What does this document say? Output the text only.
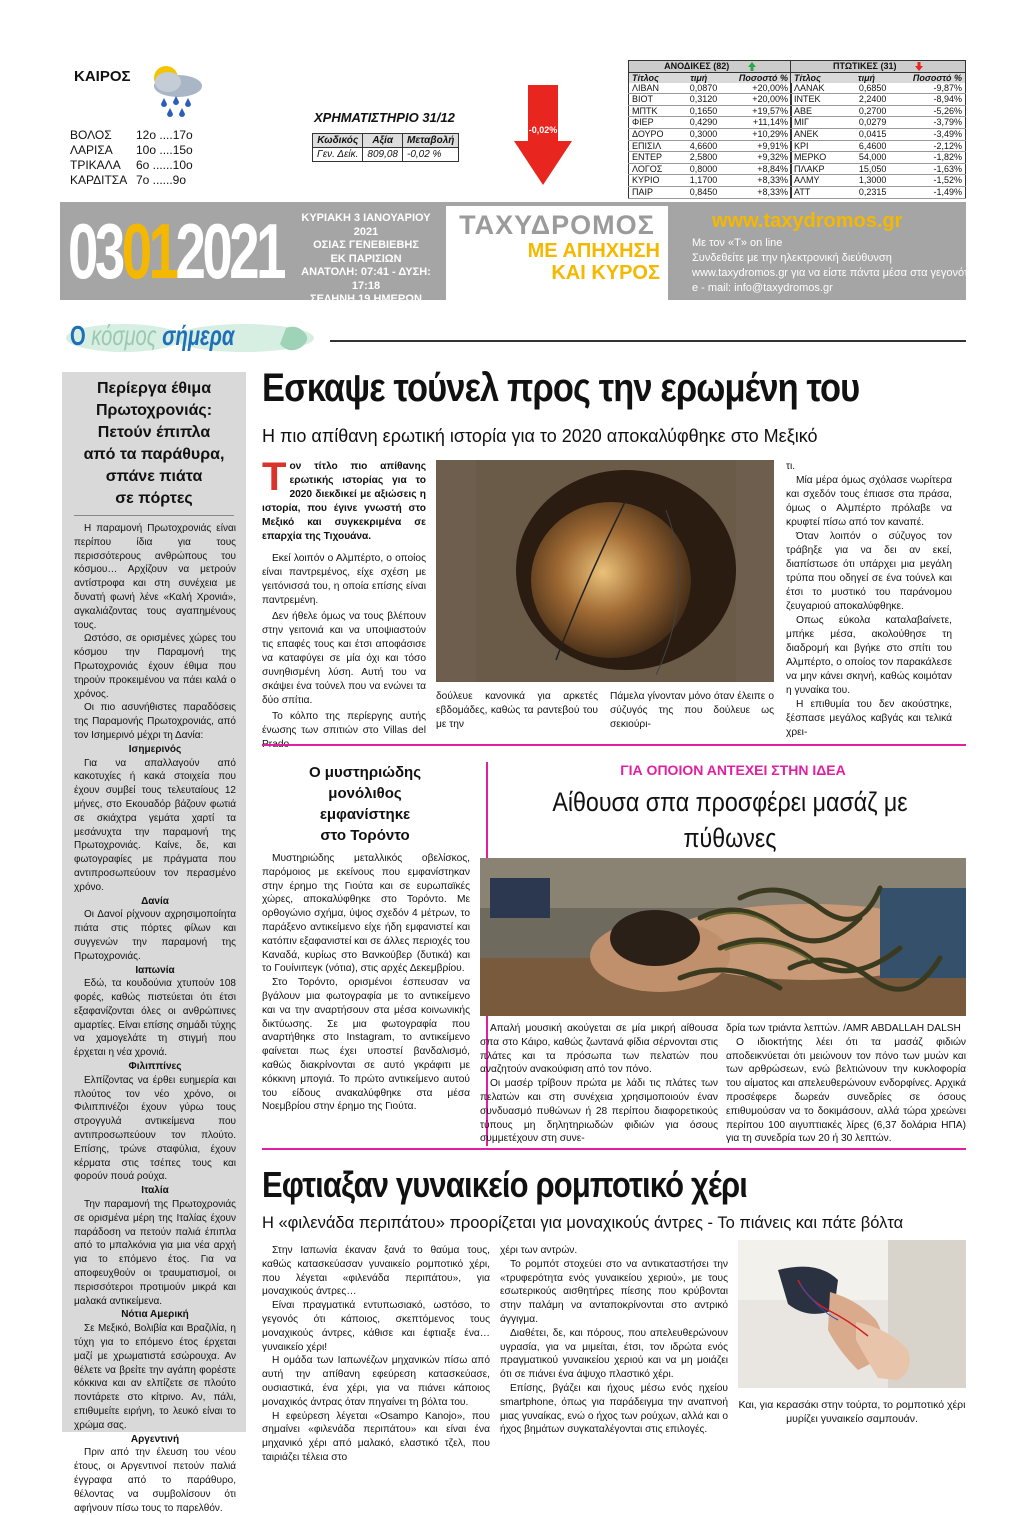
ΚΑΙΡΟΣ
ΒΟΛΟΣ	12ο ....17ο
ΛΑΡΙΣΑ	10ο ....15ο
ΤΡΙΚΑΛΑ	6ο ......10ο
ΚΑΡΔΙΤΣΑ 7ο ......9ο
ΧΡΗΜΑΤΙΣΤΗΡΙΟ 31/12
Κωδικός	Αξία	Μεταβολή
Γεν. Δείκ.	809,08	-0,02 %
-0,02%
ΑΝΟΔΙΚΕΣ (82)		
Τίτλος	τιμή	Ποσοστό %
ΛΙΒΑΝ	0,0870	+20,00%
ΒΙΟΤ	0,3120	+20,00%
ΜΠΤΚ	0,1650	+19,57%
ΦΙΕΡ	0,4290	+11,14%
ΔΟΥΡΟ	0,3000	+10,29%
ΕΠΙΣΙΛ	4,6600	+9,91%
ΕΝΤΕΡ	2,5800	+9,32%
ΛΟΓΟΣ	0,8000	+8,84%
ΚΥΡΙΟ	1,1700	+8,33%
ΠΑΙΡ	0,8450	+8,33%
ΠΤΩΤΙΚΕΣ (31)		
Τίτλος	τιμή	Ποσοστό %
ΛΑΝΑΚ	0,6850	-9,87%
ΙΝΤΕΚ	2,2400	-8,94%
ΑΒΕ	0,2700	-5,26%
ΜΙΓ	0,0279	-3,79%
ΑΝΕΚ	0,0415	-3,49%
ΚΡΙ	6,4600	-2,12%
ΜΕΡΚΟ	54,000	-1,82%
ΠΛΑΚΡ	15,050	-1,63%
ΑΛΜΥ	1,3000	-1,52%
ΑΤΤ	0,2315	-1,49%
03012021	ΚΥΡΙΑΚΗ 3 ΙΑΝΟΥΑΡΙΟΥ 2021
ΟΣΙΑΣ ΓΕΝΕΒΙΕΒΗΣ
ΕΚ ΠΑΡΙΣΙΩΝ
ΑΝΑΤΟΛΗ: 07:41 - ΔΥΣΗ: 17:18
ΣΕΛΗΝΗ 19 ΗΜΕΡΩΝ
ΤΑΧΥΔΡΟΜΟΣ
ΜΕ ΑΠΗΧΗΣΗ
ΚΑΙ ΚΥΡΟΣ
www.taxydromos.gr
Με τον «Τ» on line
Συνδεθείτε με την ηλεκτρονική διεύθυνση
www.taxydromos.gr για να είστε πάντα μέσα στα γεγονότα
e - mail: info@taxydromos.gr
Ο κόσμος σήμερα
Περίεργα έθιμα
Πρωτοχρονιάς:
Πετούν έπιπλα
από τα παράθυρα,
σπάνε πιάτα
σε πόρτες

Η παραμονή Πρωτοχρονιάς είναι περίπου ίδια για τους περισσότερους ανθρώπους του κόσμου… Αρχίζουν να μετρούν αντίστροφα και στη συνέχεια με δυνατή φωνή λένε «Καλή Χρονιά», αγκαλιάζοντας τους αγαπημένους τους.

Ωστόσο, σε ορισμένες χώρες του κόσμου την Παραμονή της Πρωτοχρονιάς έχουν έθιμα που τηρούν προκειμένου να πάει καλά ο χρόνος.

Οι πιο ασυνήθιστες παραδόσεις της Παραμονής Πρωτοχρονιάς, από τον Ισημερινό μέχρι τη Δανία:

Ισημερινός

Για να απαλλαγούν από κακοτυχίες ή κακά στοιχεία που έχουν συμβεί τους τελευταίους 12 μήνες, στο Εκουαδόρ βάζουν φωτιά σε σκιάχτρα γεμάτα χαρτί τα μεσάνυχτα την παραμονή της Πρωτοχρονιάς. Καίνε, δε, και φωτογραφίες με πράγματα που αντιπροσωπεύουν τον περασμένο χρόνο.

Δανία

Οι Δανοί ρίχνουν αχρησιμοποίητα πιάτα στις πόρτες φίλων και συγγενών την παραμονή της Πρωτοχρονιάς.

Ιαπωνία

Εδώ, τα κουδούνια χτυπούν 108 φορές, καθώς πιστεύεται ότι έτσι εξαφανίζονται όλες οι ανθρώπινες αμαρτίες. Είναι επίσης σημάδι τύχης να χαμογελάτε τη στιγμή που έρχεται η νέα χρονιά.

Φιλιππίνες

Ελπίζοντας να έρθει ευημερία και πλούτος τον νέο χρόνο, οι Φιλιππινέζοι έχουν γύρω τους στρογγυλά αντικείμενα που αντιπροσωπεύουν τον πλούτο. Επίσης, τρώνε σταφύλια, έχουν κέρματα στις τσέπες τους και φορούν πουά ρούχα.

Ιταλία

Την παραμονή της Πρωτοχρονιάς σε ορισμένα μέρη της Ιταλίας έχουν παράδοση να πετούν παλιά έπιπλα από το μπαλκόνια για μια νέα αρχή για το επόμενο έτος. Για να αποφευχθούν οι τραυματισμοί, οι περισσότεροι προτιμούν μικρά και μαλακά αντικείμενα.

Νότια Αμερική

Σε Μεξικό, Βολιβία και Βραζιλία, η τύχη για το επόμενο έτος έρχεται μαζί με χρωματιστά εσώρουχα. Αν θέλετε να βρείτε την αγάπη φορέστε κόκκινα και αν ελπίζετε σε πλούτο ποντάρετε στο κίτρινο. Αν, πάλι, επιθυμείτε ειρήνη, το λευκό είναι το χρώμα σας.

Αργεντινή

Πριν από την έλευση του νέου έτους, οι Αργεντινοί πετούν παλιά έγγραφα από το παράθυρο, θέλοντας να συμβολίσουν ότι αφήνουν πίσω τους το παρελθόν.

Εσκαψε τούνελ προς την ερωμένη του
Η πιο απίθανη ερωτική ιστορία για το 2020 αποκαλύφθηκε στο Μεξικό

Τον τίτλο πιο απίθανης ερωτικής ιστορίας για το 2020 διεκδικεί με αξιώσεις η ιστορία, που έγινε γνωστή στο Μεξικό και συγκεκριμένα σε επαρχία της Τιχουάνα.

Εκεί λοιπόν ο Αλμπέρτο, ο οποίος είναι παντρεμένος, είχε σχέση με γειτόνισσά του, η οποία επίσης είναι παντρεμένη.

Δεν ήθελε όμως να τους βλέπουν στην γειτονιά και να υποψιαστούν τις επαφές τους και έτσι αποφάσισε να καταφύγει σε μία όχι και τόσο συνηθισμένη λύση. Αυτή του να σκάψει ένα τούνελ που να ενώνει τα δύο σπίτια.

Το κόλπο της περίεργης αυτής ένωσης των σπιτιών στο Villas del

δούλευε κανονικά για αρκετές εβδομάδες, καθώς τα ραντεβού του με την
Πάμελα γίνονταν μόνο όταν έλειπε ο σύζυγός της που δούλευε ως σεκιούρι-

τι.

Μία μέρα όμως σχόλασε νωρίτερα και σχεδόν τους έπιασε στα πράσα, όμως ο Αλμπέρτο πρόλαβε να κρυφτεί πίσω από τον καναπέ.

Όταν λοιπόν ο σύζυγος τον τράβηξε για να δει αν εκεί, διαπίστωσε ότι υπάρχει μια μεγάλη τρύπα που οδηγεί σε ένα τούνελ και έτσι το μυστικό του παράνομου ζευγαριού αποκαλύφθηκε.

Οπως εύκολα καταλαβαίνετε, μπήκε μέσα, ακολούθησε τη διαδρομή και βγήκε στο σπίτι του Αλμπέρτο, ο οποίος τον παρακάλεσε να μην κάνει σκηνή, καθώς κοιμόταν η γυναίκα του.

Η επιθυμία του δεν ακούστηκε, ξέσπασε μεγάλος καβγάς και τελικά χρει-

Ο μυστηριώδης
μονόλιθος
εμφανίστηκε
στο Τορόντο

Μυστηριώδης μεταλλικός οβελίσκος, παρόμοιος με εκείνους που εμφανίστηκαν στην έρημο της Γιούτα και σε ευρωπαϊκές χώρες, αποκαλύφθηκε στο Τορόντο. Με ορθογώνιο σχήμα, ύψος σχεδόν 4 μέτρων, το παράξενο αντικείμενο είχε ήδη εμφανιστεί και κατόπιν εξαφανιστεί και σε άλλες περιοχές του Καναδά, κυρίως στο Βανκούβερ (δυτικά) και το Γουίνιπεγκ (νότια), στις αρχές Δεκεμβρίου.

Στο Τορόντο, ορισμένοι έσπευσαν να βγάλουν μια φωτογραφία με το αντικείμενο και να την αναρτήσουν στα μέσα κοινωνικής δικτύωσης. Σε μια φωτογραφία που αναρτήθηκε στο Instagram, το αντικείμενο φαίνεται πως έχει υποστεί βανδαλισμό, καθώς διακρίνονται σε αυτό γκράφιτι με κόκκινη μπογιά. Το πρώτο αντικείμενο αυτού του είδους ανακαλύφθηκε στα μέσα Νοεμβρίου στην έρημο της Γιούτα.

ΓΙΑ ΟΠΟΙΟΝ ΑΝΤΕΧΕΙ ΣΤΗΝ ΙΔΕΑ
Αίθουσα σπα προσφέρει μασάζ με πύθωνες

Απαλή μουσική ακούγεται σε μία μικρή αίθουσα σπα στο Κάιρο, καθώς ζωντανά φίδια σέρνονται στις πλάτες και τα πρόσωπα των πελατών που αναζητούν ανακούφιση από τον πόνο.

Οι μασέρ τρίβουν πρώτα με λάδι τις πλάτες των πελατών και στη συνέχεια χρησιμοποιούν έναν συνδυασμό πυθώνων ή 28 περίπου διαφορετικούς τύπους μη δηλητηριωδών φιδιών για όσους συμμετέχουν στη συνε-

δρία των τριάντα λεπτών. /AMR ABDALLAH DALSH

Ο ιδιοκτήτης λέει ότι τα μασάζ φιδιών αποδεικνύεται ότι μειώνουν τον πόνο των μυών και των αρθρώσεων, ενώ βελτιώνουν την κυκλοφορία του αίματος και απελευθερώνουν ενδορφίνες. Αρχικά προσέφερε δωρεάν συνεδρίες σε όσους επιθυμούσαν να το δοκιμάσουν, αλλά τώρα χρεώνει περίπου 100 αιγυπτιακές λίρες (6,37 δολάρια ΗΠΑ) για τη συνεδρία των 20 ή 30 λεπτών.

Εφτιαξαν γυναικείο ρομποτικό χέρι
Η «φιλενάδα περιπάτου» προορίζεται για μοναχικούς άντρες - Το πιάνεις και πάτε βόλτα

Στην Ιαπωνία έκαναν ξανά το θαύμα τους, καθώς κατασκεύασαν γυναικείο ρομποτικό χέρι, που λέγεται «φιλενάδα περιπάτου», για μοναχικούς άντρες…

Είναι πραγματικά εντυπωσιακό, ωστόσο, το γεγονός ότι κάποιος, σκεπτόμενος τους μοναχικούς άντρες, κάθισε και έφτιαξε ένα… γυναικείο χέρι!

Η ομάδα των Ιαπωνέζων μηχανικών πίσω από αυτή την απίθανη εφεύρεση κατασκεύασε, ουσιαστικά, ένα χέρι, για να πιάνει κάποιος μοναχικός άντρας όταν πηγαίνει τη βόλτα του.

Η εφεύρεση λέγεται «Osampo Kanojo», που σημαίνει «φιλενάδα περιπάτου» και είναι ένα μηχανικό χέρι από μαλακό, ελαστικό τζελ, που ταιριάζει τέλεια στο

χέρι των αντρών.

Το ρομπότ στοχεύει στο να αντικαταστήσει την «τρυφερότητα ενός γυναικείου χεριού», με τους εσωτερικούς αισθητήρες πίεσης που κρύβονται στην παλάμη να ανταποκρίνονται στο αντρικό άγγιγμα.

Διαθέτει, δε, και πόρους, που απελευθερώνουν υγρασία, για να μιμείται, έτσι, τον ιδρώτα ενός πραγματικού γυναικείου χεριού και να μη μοιάζει ότι σε πιάνει ένα άψυχο πλαστικό χέρι.

Επίσης, βγάζει και ήχους μέσω ενός ηχείου smartphone, όπως για παράδειγμα την αναπνοή μιας γυναίκας, ενώ ο ήχος των ρούχων, αλλά και ο ήχος βημάτων συγκαταλέγονται στις επιλογές.

Και, για κερασάκι στην τούρτα, το ρομποτικό χέρι μυρίζει γυναικείο σαμπουάν.
